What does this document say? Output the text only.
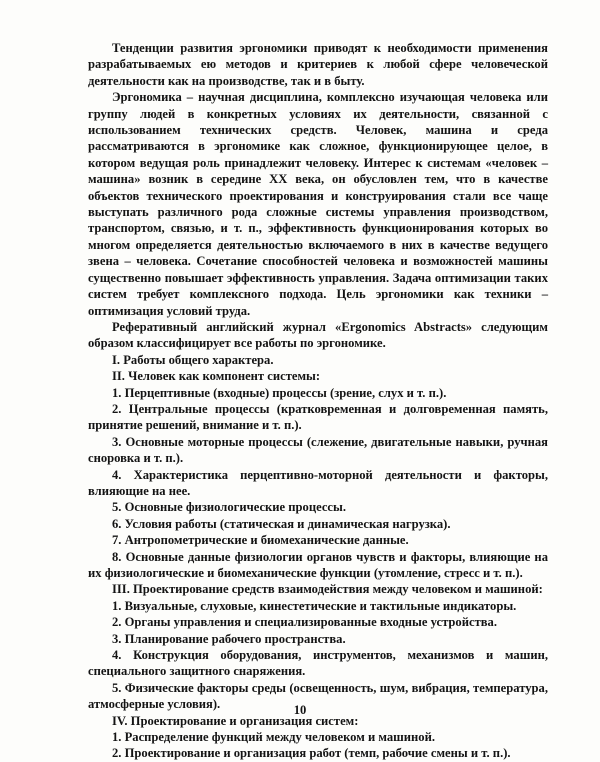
Тенденции развития эргономики приводят к необходимости применения разрабатываемых ею методов и критериев к любой сфере человеческой деятельности как на производстве, так и в быту.

Эргономика – научная дисциплина, комплексно изучающая человека или группу людей в конкретных условиях их деятельности, связанной с использованием технических средств. Человек, машина и среда рассматриваются в эргономике как сложное, функционирующее целое, в котором ведущая роль принадлежит человеку. Интерес к системам «человек – машина» возник в середине XX века, он обусловлен тем, что в качестве объектов технического проектирования и конструирования стали все чаще выступать различного рода сложные системы управления производством, транспортом, связью, и т. п., эффективность функционирования которых во многом определяется деятельностью включаемого в них в качестве ведущего звена – человека. Сочетание способностей человека и возможностей машины существенно повышает эффективность управления. Задача оптимизации таких систем требует комплексного подхода. Цель эргономики как техники – оптимизация условий труда.

Реферативный английский журнал «Ergonomics Abstracts» следующим образом классифицирует все работы по эргономике.

I. Работы общего характера.

II. Человек как компонент системы:

1. Перцептивные (входные) процессы (зрение, слух и т. п.).

2. Центральные процессы (кратковременная и долговременная память, принятие решений, внимание и т. п.).

3. Основные моторные процессы (слежение, двигательные навыки, ручная сноровка и т. п.).

4. Характеристика перцептивно-моторной деятельности и факторы, влияющие на нее.

5. Основные физиологические процессы.

6. Условия работы (статическая и динамическая нагрузка).

7. Антропометрические и биомеханические данные.

8. Основные данные физиологии органов чувств и факторы, влияющие на их физиологические и биомеханические функции (утомление, стресс и т. п.).

III. Проектирование средств взаимодействия между человеком и машиной:

1. Визуальные, слуховые, кинестетические и тактильные индикаторы.

2. Органы управления и специализированные входные устройства.

3. Планирование рабочего пространства.

4. Конструкция оборудования, инструментов, механизмов и машин, специального защитного снаряжения.

5. Физические факторы среды (освещенность, шум, вибрация, температура, атмосферные условия).

IV. Проектирование и организация систем:

1. Распределение функций между человеком и машиной.

2. Проектирование и организация работ (темп, рабочие смены и т. п.).

10
